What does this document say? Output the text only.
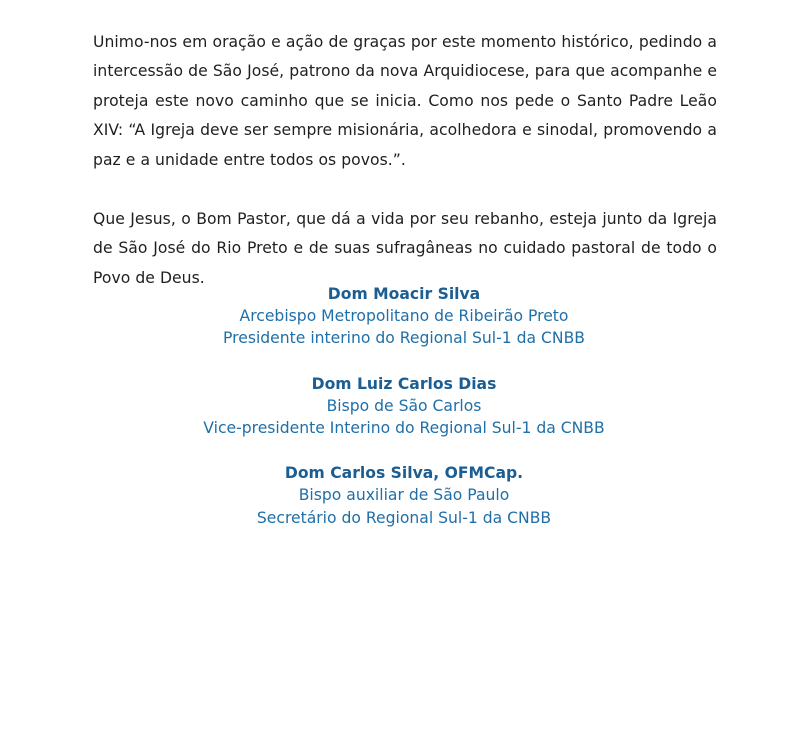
Unimo-nos em oração e ação de graças por este momento histórico, pedindo a intercessão de São José, patrono da nova Arquidiocese, para que acompanhe e proteja este novo caminho que se inicia. Como nos pede o Santo Padre Leão XIV: “A Igreja deve ser sempre misionária, acolhedora e sinodal, promovendo a paz e a unidade entre todos os povos.”.

Que Jesus, o Bom Pastor, que dá a vida por seu rebanho, esteja junto da Igreja de São José do Rio Preto e de suas sufragâneas no cuidado pastoral de todo o Povo de Deus.

Dom Moacir Silva
Arcebispo Metropolitano de Ribeirão Preto
Presidente interino do Regional Sul-1 da CNBB
Dom Luiz Carlos Dias
Bispo de São Carlos
Vice-presidente Interino do Regional Sul-1 da CNBB
Dom Carlos Silva, OFMCap.
Bispo auxiliar de São Paulo
Secretário do Regional Sul-1 da CNBB
